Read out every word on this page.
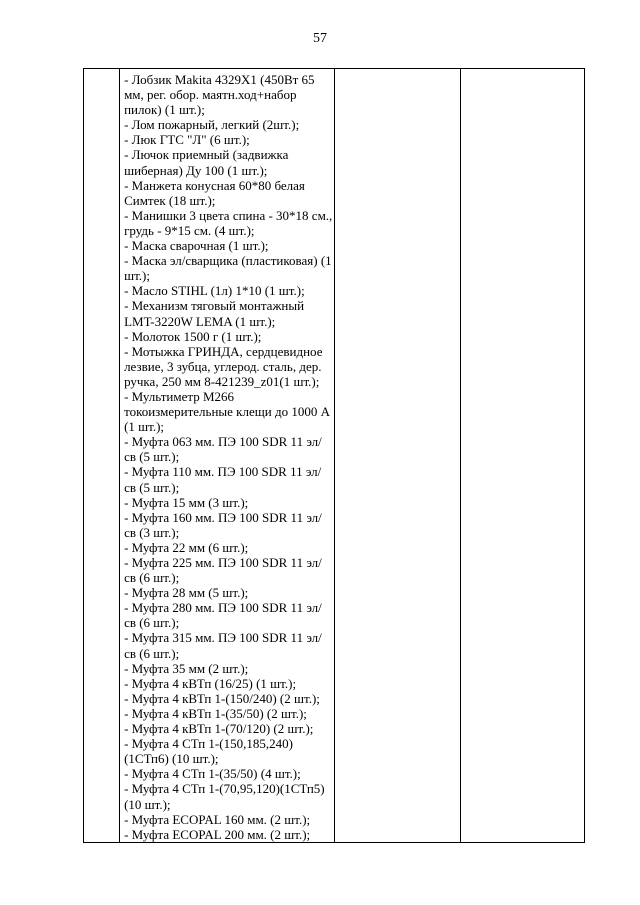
57

- Лобзик Makita 4329X1 (450Вт 65 мм, рег. обор. маятн.ход+набор пилок) (1 шт.);
- Лом пожарный, легкий (2шт.);
- Люк ГТС "Л" (6 шт.);
- Лючок приемный (задвижка шиберная) Ду 100 (1 шт.);
- Манжета конусная 60*80 белая Симтек (18 шт.);
- Манишки 3 цвета спина - 30*18 см., грудь - 9*15 см. (4 шт.);
- Маска сварочная (1 шт.);
- Маска эл/сварщика (пластиковая) (1 шт.);
- Масло STIHL (1л) 1*10 (1 шт.);
- Механизм тяговый монтажный LMT-3220W LEMA (1 шт.);
- Молоток 1500 г (1 шт.);
- Мотыжка ГРИНДА, сердцевидное лезвие, 3 зубца, углерод. сталь, дер. ручка, 250 мм 8-421239_z01(1 шт.);
- Мультиметр М266 токоизмерительные клещи до 1000 А (1 шт.);
- Муфта 063 мм. ПЭ 100 SDR 11 эл/св (5 шт.);
- Муфта 110 мм. ПЭ 100 SDR 11 эл/св (5 шт.);
- Муфта 15 мм (3 шт.);
- Муфта 160 мм. ПЭ 100 SDR 11 эл/св (3 шт.);
- Муфта 22 мм (6 шт.);
- Муфта 225 мм. ПЭ 100 SDR 11 эл/св (6 шт.);
- Муфта 28 мм (5 шт.);
- Муфта 280 мм. ПЭ 100 SDR 11 эл/св (6 шт.);
- Муфта 315 мм. ПЭ 100 SDR 11 эл/св (6 шт.);
- Муфта 35 мм (2 шт.);
- Муфта 4 кВТп (16/25) (1 шт.);
- Муфта 4 кВТп 1-(150/240) (2 шт.);
- Муфта 4 кВТп 1-(35/50) (2 шт.);
- Муфта 4 кВТп 1-(70/120) (2 шт.);
- Муфта 4 СТп 1-(150,185,240)(1СТп6) (10 шт.);
- Муфта 4 СТп 1-(35/50) (4 шт.);
- Муфта 4 СТп 1-(70,95,120)(1СТп5) (10 шт.);
- Муфта ECOPAL 160 мм. (2 шт.);
- Муфта ECOPAL 200 мм. (2 шт.);
